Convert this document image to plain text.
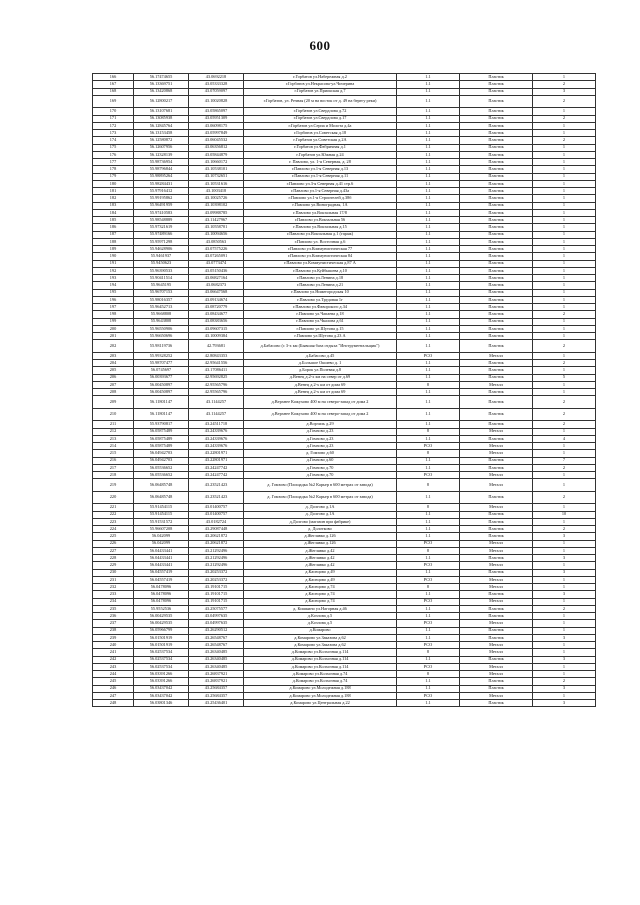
600
166	56.17474655	43.0692218	г.Горбатов ул.Набережная д.2	1.1	Пластик	1
167	56.13369751	43.05333328	г.Горбатов ул.Некрасова-ул.Чичерина	1.1	Пластик	2
168	56.13420868	43.07059097	г.Горбатов ул.Приокская д.7	1.1	Пластик	3
169	56.12800217	43.10020828	г.Горбатов, ул. Речная (20 м на восток от д. 49 на берегу реки)	1.1	Пластик	2
170	56.13107681	43.05865097	г.Горбатов ул.Свердлова д.72	1.1	Пластик	1
171	56.13085938	43.05951309	г.Горбатов ул.Свердлова д.17	1.1	Пластик	2
172	56.12845764	43.06098175	г.Горбатов ул.Серпа и Молота д.4а	1.1	Пластик	1
173	56.13153458	43.05997849	г.Горбатов ул.Советская д.18	1.1	Пластик	1
174	56.12580872	43.06045532	г.Горбатов ул.Советская д.2А	1.1	Пластик	2
175	56.12607956	43.06356812	г.Горбатов ул.Фабричная д.1	1.1	Пластик	1
176	56.12328139	43.05844879	г.Горбатов ул.Южная д.24	1.1	Пластик	1
177	55.98736954	43.10660172	г. Павлово, ул. 1-я Северная, д. 28	1.1	Пластик	1
178	55.98796844	43.10538101	г.Павлово ул.1-я Северная д.13	1.1	Пластик	1
179	55.98895264	43.10732651	г.Павлово ул.1-я Северная д.11	1.1	Пластик	1
180	55.98284431	43.10531616	г.Павлово ул.3-я Северная д.41 стр.6	1.1	Пластик	1
181	55.97916412	43.1003418	г.Павлово ул.1-я Северная д.43а	1.1	Пластик	1
182	55.99195862	43.10025726	г.Павлово ул.1-я Строителей д.38б	1.1	Пластик	1
183	55.96491959	43.10398102	г.Павлово ул.Виноградная, 1А	1.1	Пластик	1
184	55.97410583	43.09988785	г.Павлово ул.Вокзальная 17/8	1.1	Пластик	1
185	55.98548889	43.11427967	г.Павлово ул.Вокзальная 56	1.1	Пластик	1
186	55.97321619	43.10558701	г.Павлово ул.Вокзальная д.15	1.1	Пластик	1
187	55.97489166	43.10094656	г.Павлово ул.Вокзальная д.1 (гараж)	1.1	Пластик	1
188	55.95971298	43.0850563	г.Павлово ул. Восточная д.6	1.1	Пластик	1
189	55.94628906	43.07575226	г.Павлово ул.Коммунистическая 77	1.1	Пластик	1
190	55.9461937	43.07265091	г.Павлово ул.Коммунистическая 84	1.1	Пластик	1
191	55.9450623	43.0773474	г.Павлово ул.Коммунистическая д.87 А	1.1	Пластик	1
192	55.96390533	43.05150436	г.Павлово ул.Куйбышева д.10	1.1	Пластик	1
193	55.90411514	43.06827164	г.Павлово ул.Ленина д.18	1.1	Пластик	1
194	55.9645195	43.0682373	г.Павлово ул.Ленина д.21	1.1	Пластик	1
195	55.96707153	43.06647568	г.Павлово ул.Нижегородская 10	1.1	Пластик	1
196	55.98016357	43.09134674	г.Павлово ул.Трудовая 1г	1.1	Пластик	1
197	55.96452713	43.08720779	г.Павлово ул.Фаворского д.34	1.1	Пластик	1
198	55.9668808	43.08434677	г.Павлово ул.Чапаева д.18	1.1	Пластик	2
199	55.9643808	43.08383656	г.Павлово ул.Чкалова д.61	1.1	Пластик	1
200	55.96550906	43.09607315	г.Павлово ул.Шутова д.15	1.1	Пластик	1
201	55.96650696	43.10009384	г.Павлово ул.Шутова д.23 А	1.1	Пластик	1
202	55.98119736	42.793681	д.Бабасово (с 3-х км (Бывшая база отдыха "Инструментальщик")	1.1	Пластик	2
203	55.99328252	42.80843353	д.Бабасово д.45	РСО	Металл	1
204	55.98707477	42.95641556	д.Большое Окшево д. 1	1.1	Пластик	2
205	56.0745697	43.17086411	д.Борок ул.Полевая д.8	1.1	Пластик	1
206	56.00393677	42.95692825	д.Венец д.2-х км на север от д.69	1.1	Пластик	5
207	56.00450897	42.95565796	д.Венец д.2-х км от дома 69	8	Металл	1
208	56.00450897	42.95565796	д.Венец д.2-х км от дома 69	1.1	Пластик	1
209	56.11801147	43.1144257	д.Верхнее Кожухово 400 м на северо-запад от дома 2	1.1	Пластик	2
210	56.11801147	43.1144257	д.Верхнее Кожухово 400 м на северо-запад от дома 2	1.1	Пластик	2
211	55.93790817	43.24511718	д.Ворзиль д.29	1.1	Пластик	2
212	56.05875489	43.24339676	д.Гомзово д.23	8	Металл	1
213	56.05875489	43.24339676	д.Гомзово д.23	1.1	Пластик	4
214	56.05875489	43.24339676	д.Гомзово д.23	РСО	Металл	1
215	56.04942703	43.22801971	д. Гомзово д.60	8	Металл	1
216	56.04942703	43.22801971	д.Гомзово д.60	1.1	Пластик	7
217	56.05536652	43.24247742	д.Гомзово д.70	1.1	Пластик	2
218	56.05536652	43.24247742	д.Гомзово д.70	РСО	Металл	1
219	56.06485748	43.23521423	д. Гомзово (Площадка №2 Карьер в 600 метрах от завода)	8	Металл	1
220	56.06485748	43.23521423	д. Гомзово (Площадка №2 Карьер в 600 метрах от завода)	1.1	Пластик	2
221	55.91454115	43.01400757	д. Долгово д.1А	8	Металл	1
222	55.91454115	43.01400757	д. Долгово д.1А	1.1	Пластик	10
223	55.91531572	43.0182724	д.Долгово (магазин при фабрике)	1.1	Пластик	1
224	55.96607208	43.29087448	д. Долотково	1.1	Пластик	2
225	56.042099	43.20621872	д.Жеглявко д.126	1.1	Пластик	3
226	56.042099	43.20621872	д.Жеглявко д.126	РСО	Металл	1
227	56.04433441	43.21292496	д.Жеглявко д.42	8	Металл	1
228	56.04433441	43.21292496	д.Жеглявко д.42	1.1	Пластик	3
229	56.04433441	43.21292496	д.Жеглявко д.42	РСО	Металл	1
230	56.04557419	43.20253372	д.Каснцово д.49	1.1	Пластик	3
231	56.04557419	43.20253372	д.Каснцово д.49	РСО	Металл	1
232	56.0478096	43.19101715	д.Каснцово д.74	8	Металл	1
233	56.0478096	43.19101715	д.Каснцово д.74	1.1	Пластик	3
234	56.0478096	43.19101715	д.Каснцово д.74	РСО	Металл	1
235	55.9552536	43.25075577	д. Кишкино ул.Нагорная д.46	1.1	Пластик	2
236	56.00429535	43.04997635	д.Козлова д.5	1.1	Пластик	1
237	56.00429535	43.04997635	д.Козлова д.5	РСО	Металл	1
238	56.05966799	43.26290512	д.Комарово	1.1	Пластик	1
239	56.01501919	43.26548767	д.Комарово ул.Заказова д.62	1.1	Пластик	3
240	56.01501919	43.26548767	д.Комарово ул.Заказова д.62	РСО	Металл	1
241	56.02537534	43.26340485	д.Комарово ул.Колхозная д.114	8	Металл	1
242	56.02537534	43.26340485	д.Комарово ул.Колхозная д.114	1.1	Пластик	3
243	56.02537534	43.26340485	д.Комарово ул.Колхозная д.114	РСО	Металл	1
244	56.03391266	43.26837921	д.Комарово ул.Колхозная д.74	8	Металл	1
245	56.03391266	43.26837921	д.Комарово ул.Колхозная д.74	1.1	Пластик	2
246	56.03437042	43.25684357	д.Комарово ул.Молодежная д.188	1.1	Пластик	3
247	56.03437042	43.25684357	д.Комарово ул.Молодежная д.188	РСО	Металл	1
248	56.03801346	43.25436401	д.Комарово ул.Центральная д.22	1.1	Пластик	3
